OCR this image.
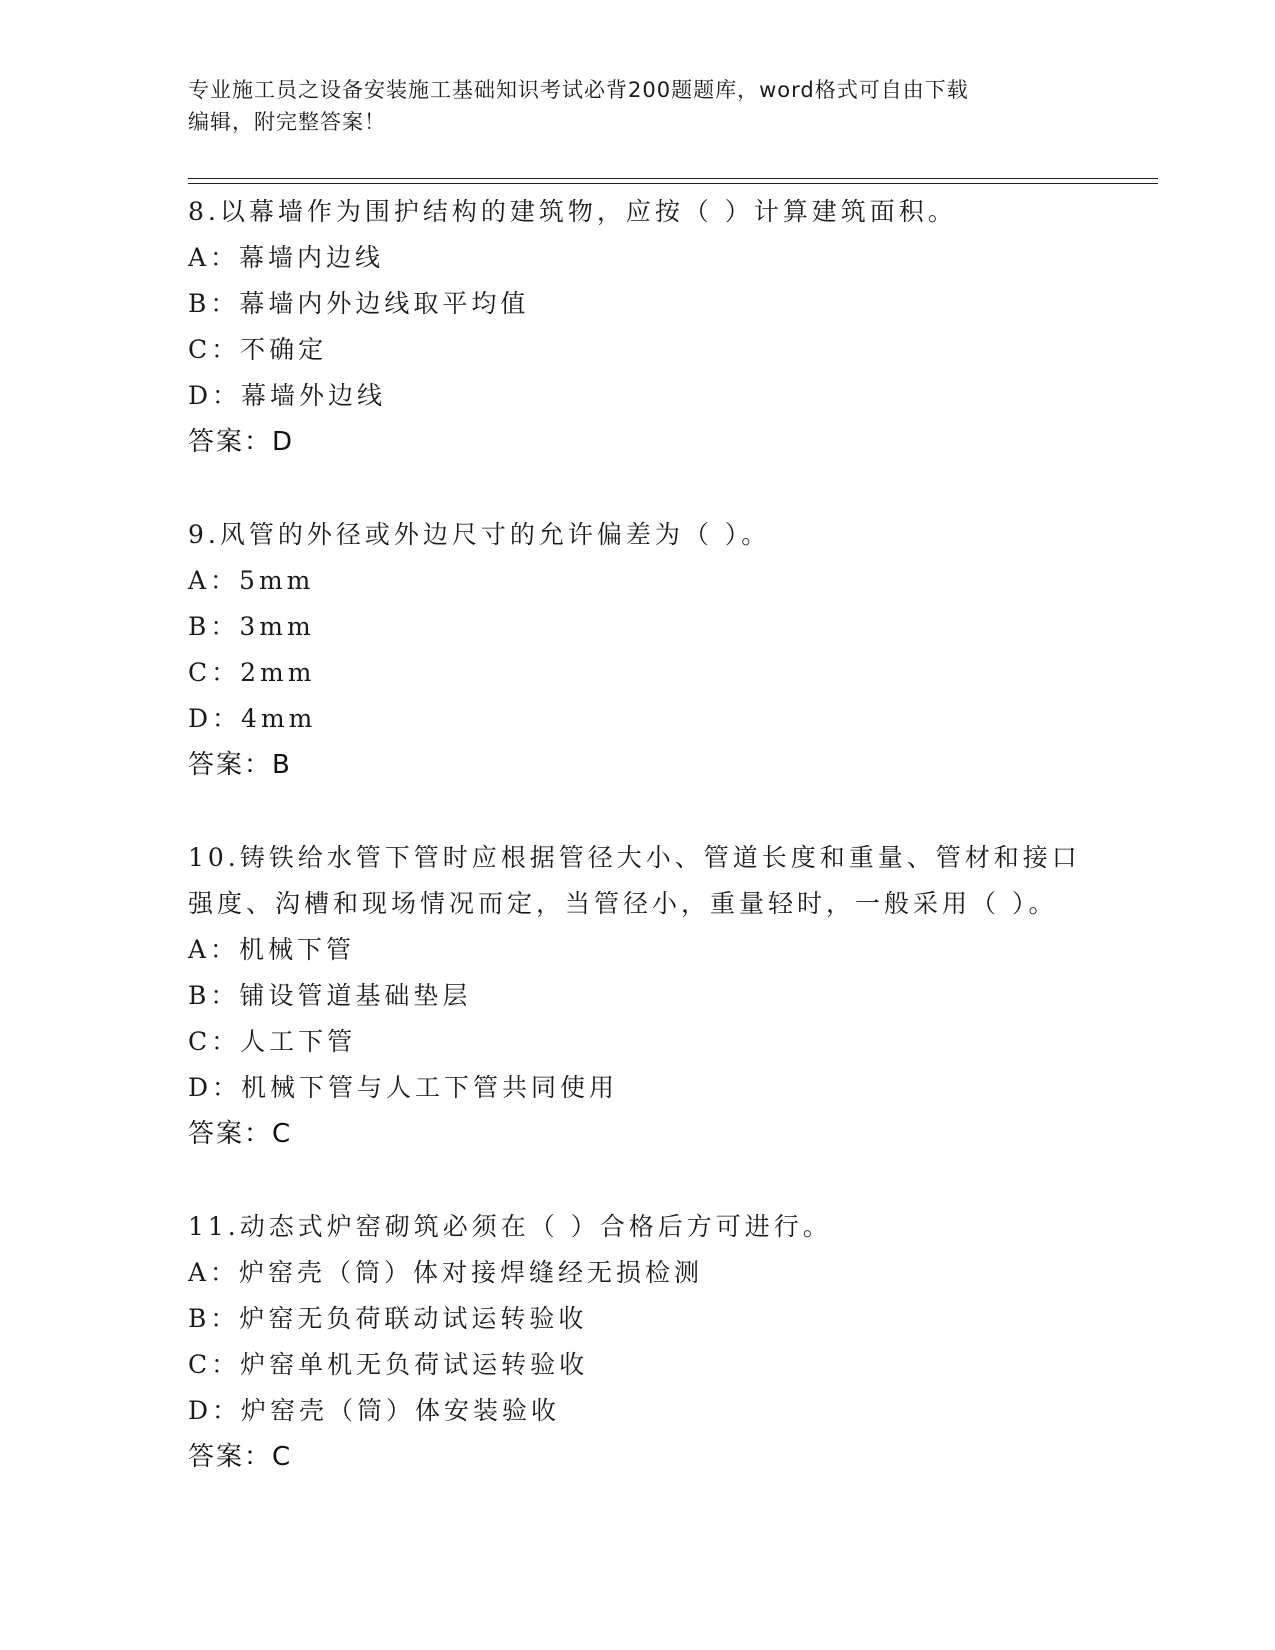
专业施工员之设备安装施工基础知识考试必背200题题库，word格式可自由下载
编辑，附完整答案！
8.以幕墙作为围护结构的建筑物，应按（ ）计算建筑面积。
A：幕墙内边线
B：幕墙内外边线取平均值
C：不确定
D：幕墙外边线
答案：D
9.风管的外径或外边尺寸的允许偏差为（ ）。
A：5mm
B：3mm
C：2mm
D：4mm
答案：B
10.铸铁给水管下管时应根据管径大小、管道长度和重量、管材和接口
强度、沟槽和现场情况而定，当管径小，重量轻时，一般采用（ ）。
A：机械下管
B：铺设管道基础垫层
C：人工下管
D：机械下管与人工下管共同使用
答案：C
11.动态式炉窑砌筑必须在（ ）合格后方可进行。
A：炉窑壳（筒）体对接焊缝经无损检测
B：炉窑无负荷联动试运转验收
C：炉窑单机无负荷试运转验收
D：炉窑壳（筒）体安装验收
答案：C
